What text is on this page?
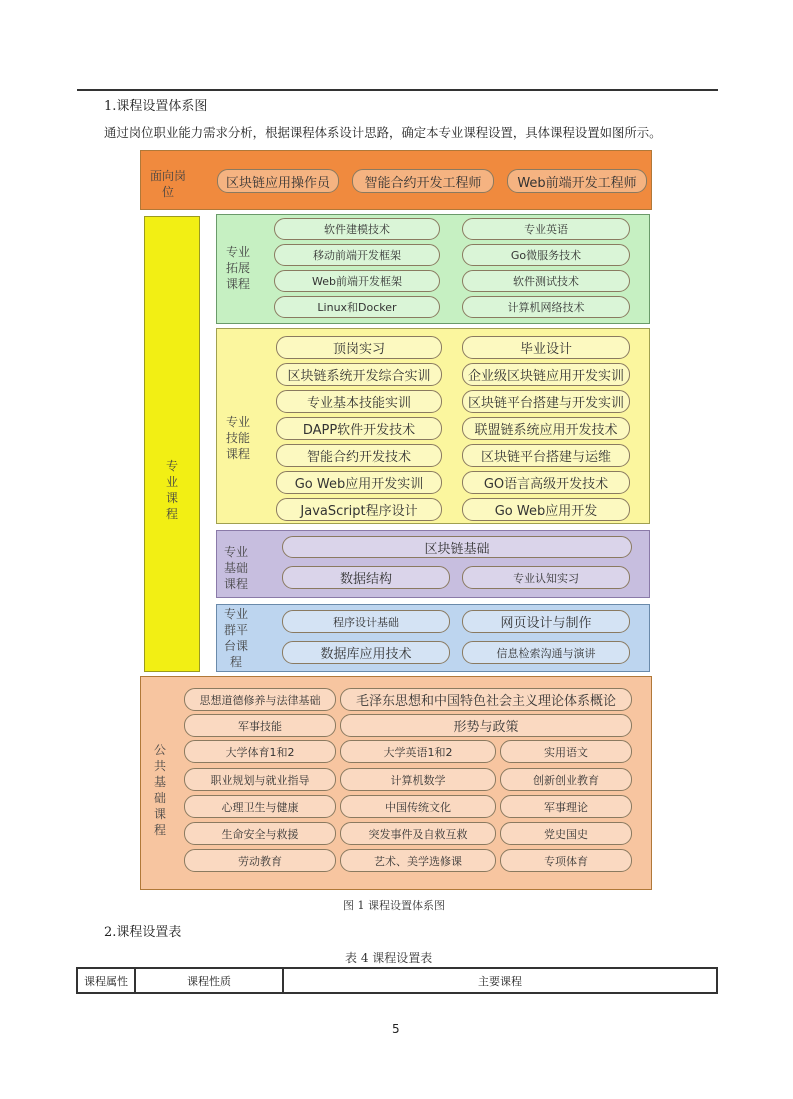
1.课程设置体系图
通过岗位职业能力需求分析，根据课程体系设计思路，确定本专业课程设置，具体课程设置如图所示。
面向岗位
区块链应用操作员	智能合约开发工程师	Web前端开发工程师
专业课程
专业拓展课程
专业技能课程
专业基础课程
专业群平台课程
公共基础课程
软件建模技术	专业英语
移动前端开发框架	Go微服务技术
Web前端开发框架	软件测试技术
Linux和Docker	计算机网络技术
顶岗实习	毕业设计
区块链系统开发综合实训	企业级区块链应用开发实训
专业基本技能实训	区块链平台搭建与开发实训
DAPP软件开发技术	联盟链系统应用开发技术
智能合约开发技术	区块链平台搭建与运维
Go Web应用开发实训	GO语言高级开发技术
JavaScript程序设计	Go Web应用开发
区块链基础
数据结构	专业认知实习
程序设计基础	网页设计与制作
数据库应用技术	信息检索沟通与演讲
思想道德修养与法律基础	毛泽东思想和中国特色社会主义理论体系概论
军事技能	形势与政策
大学体育1和2	大学英语1和2	实用语文
职业规划与就业指导	计算机数学	创新创业教育
心理卫生与健康	中国传统文化	军事理论
生命安全与救援	突发事件及自救互救	党史国史
劳动教育	艺术、美学选修课	专项体育
图 1 课程设置体系图
2.课程设置表
表 4 课程设置表
课程属性	课程性质	主要课程
5
